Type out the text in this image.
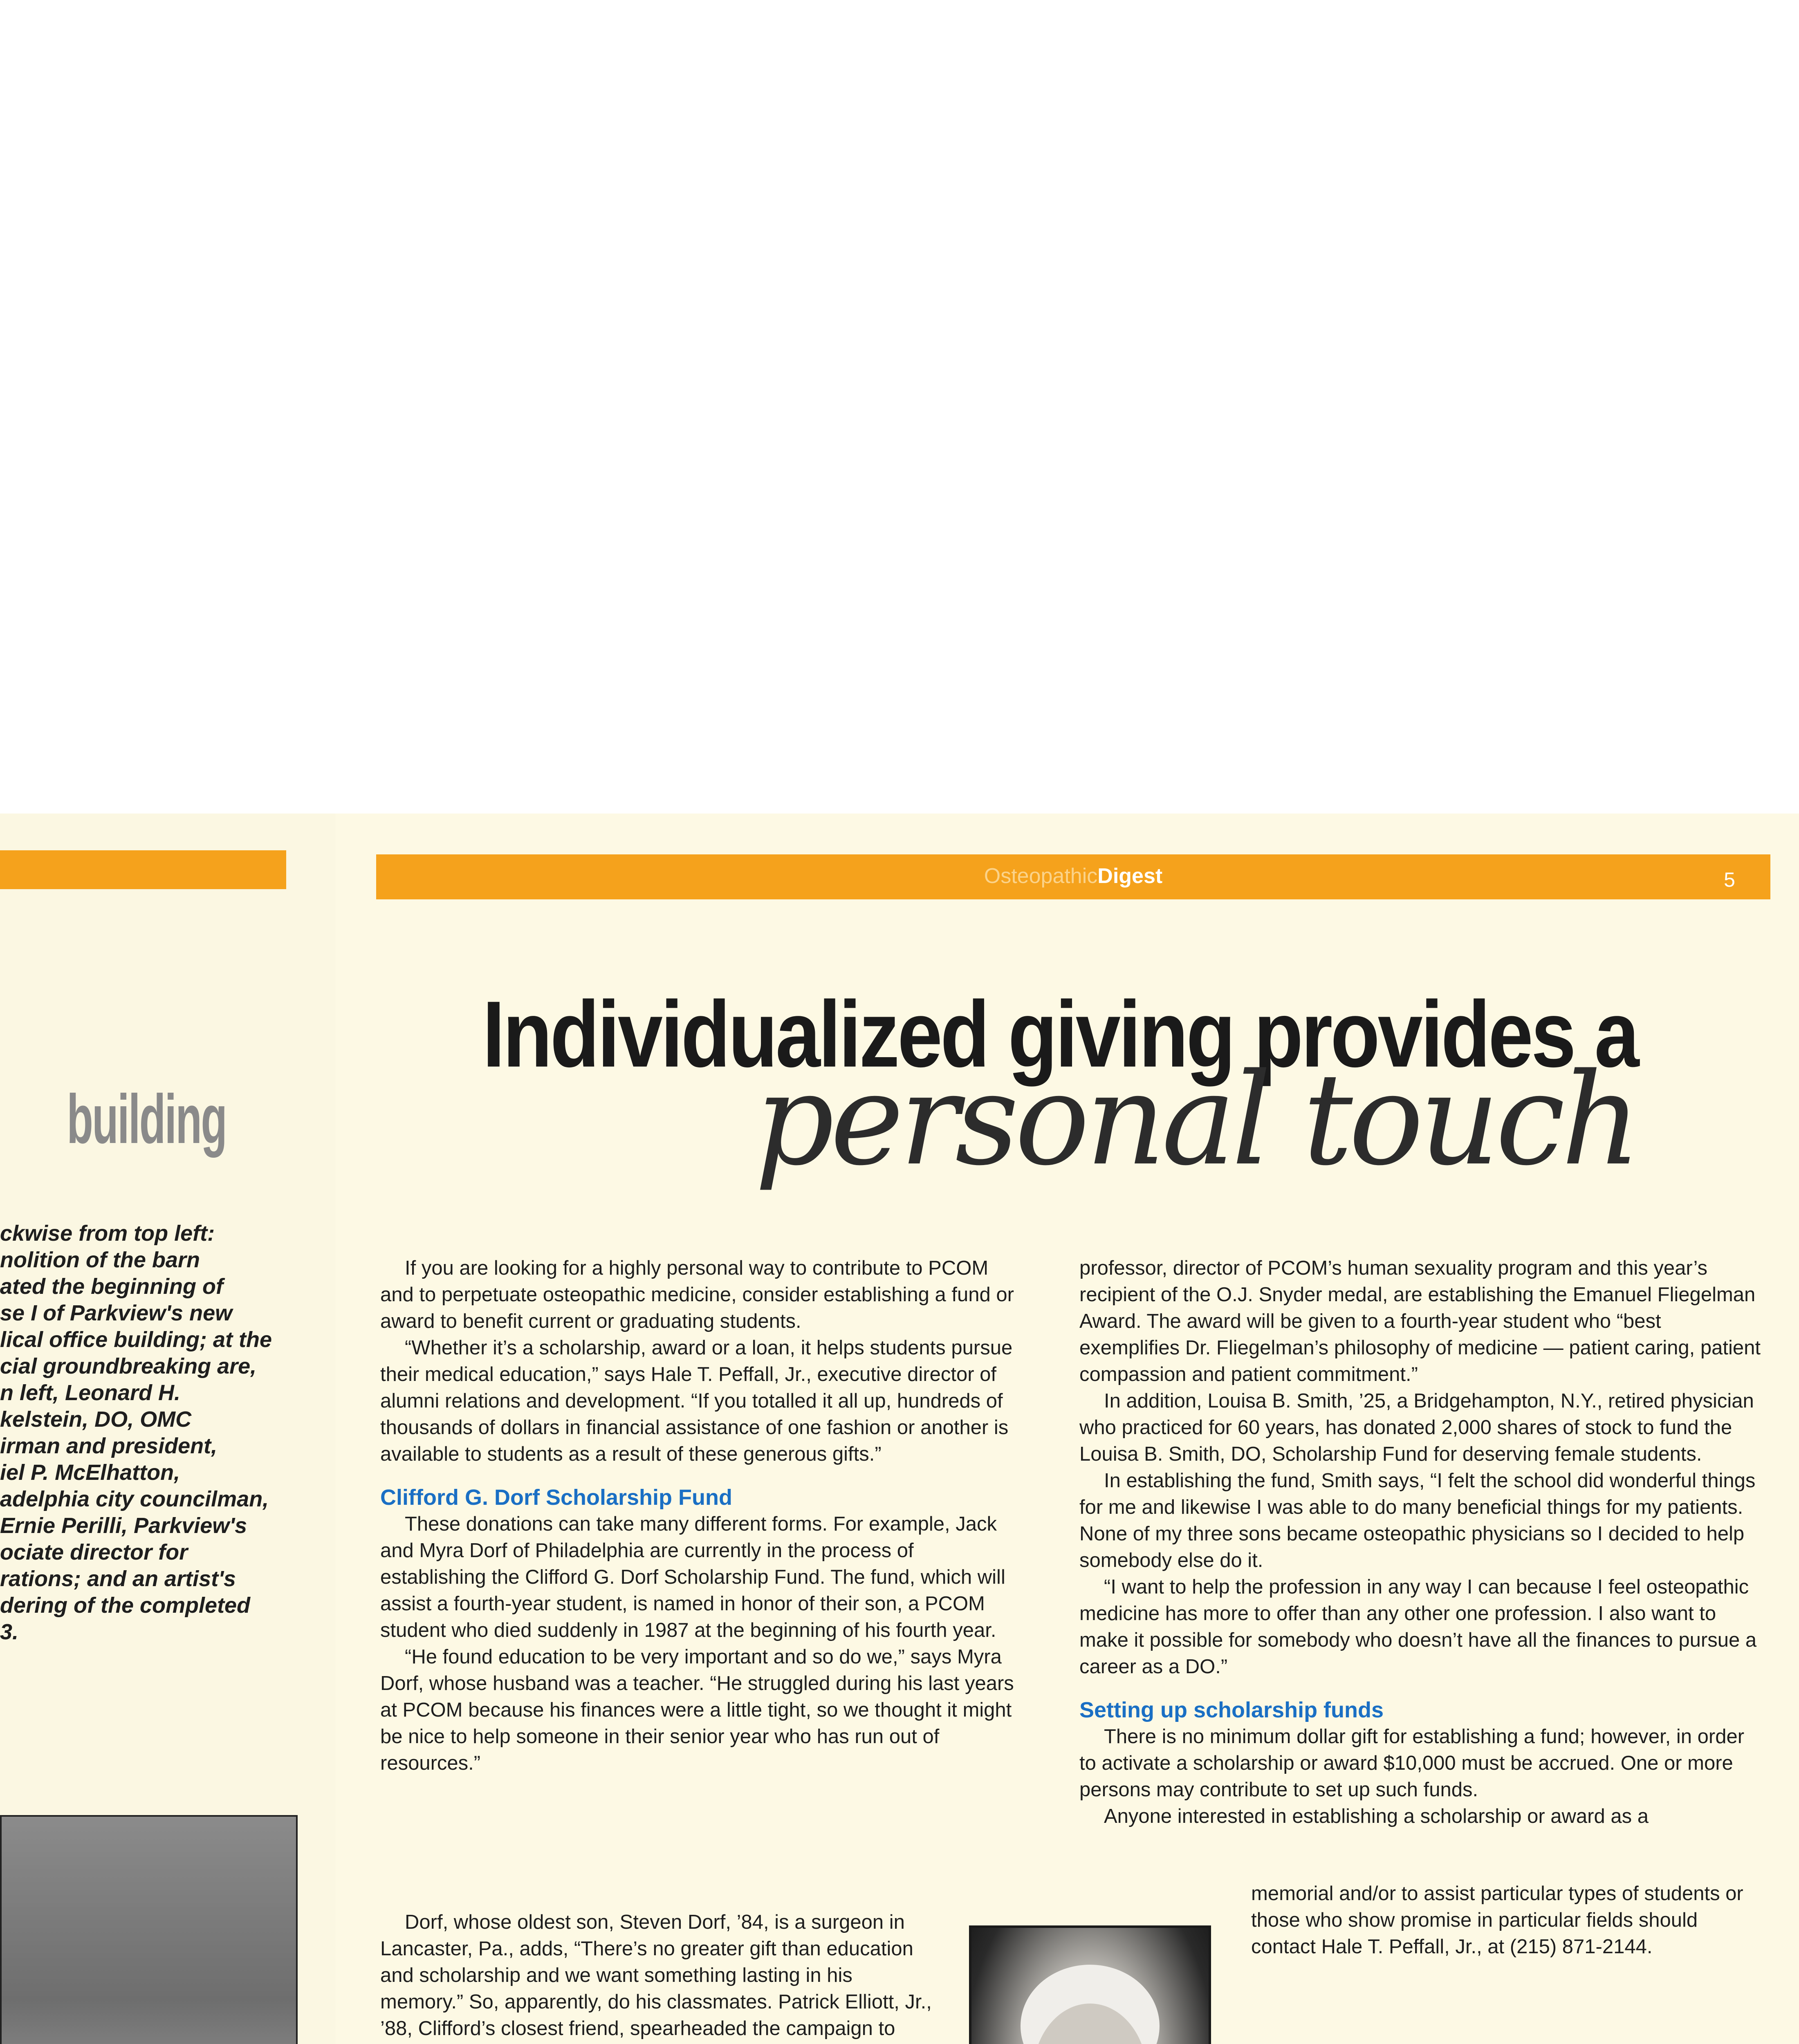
building

ckwise from top left:

nolition of the barn

ated the beginning of

se I of Parkview's new

lical office building; at the

cial groundbreaking are,

n left, Leonard H.

kelstein, DO, OMC

irman and president,

iel P. McElhatton,

adelphia city councilman,

Ernie Perilli, Parkview's

ociate director for

rations; and an artist's

dering of the completed

3.

OsteopathicDigest	5
Individualized giving provides a
personal touch

If you are looking for a highly personal way to contribute to PCOM and to perpetuate osteopathic medicine, consider establishing a fund or award to benefit current or graduating students.

“Whether it’s a scholarship, award or a loan, it helps students pursue their medical education,” says Hale T. Peffall, Jr., executive director of alumni relations and development. “If you totalled it all up, hundreds of thousands of dollars in financial assistance of one fashion or another is available to students as a result of these generous gifts.”

Clifford G. Dorf Scholarship Fund

These donations can take many different forms. For example, Jack and Myra Dorf of Philadelphia are currently in the process of establishing the Clifford G. Dorf Scholarship Fund. The fund, which will assist a fourth-year student, is named in honor of their son, a PCOM student who died suddenly in 1987 at the beginning of his fourth year.

“He found education to be very important and so do we,” says Myra Dorf, whose husband was a teacher. “He struggled during his last years at PCOM because his finances were a little tight, so we thought it might be nice to help someone in their senior year who has run out of resources.”

Dorf, whose oldest son, Steven Dorf, ’84, is a surgeon in Lancaster, Pa., adds, “There’s no greater gift than education and scholarship and we want something lasting in his memory.” So, apparently, do his classmates. Patrick Elliott, Jr., ’88, Clifford’s closest friend, spearheaded the campaign to

professor, director of PCOM’s human sexuality program and this year’s recipient of the O.J. Snyder medal, are establishing the Emanuel Fliegelman Award. The award will be given to a fourth-year student who “best exemplifies Dr. Fliegelman’s philosophy of medicine — patient caring, patient compassion and patient commitment.”

In addition, Louisa B. Smith, ’25, a Bridgehampton, N.Y., retired physician who practiced for 60 years, has donated 2,000 shares of stock to fund the Louisa B. Smith, DO, Scholarship Fund for deserving female students.

In establishing the fund, Smith says, “I felt the school did wonderful things for me and likewise I was able to do many beneficial things for my patients. None of my three sons became osteopathic physicians so I decided to help somebody else do it.

“I want to help the profession in any way I can because I feel osteopathic medicine has more to offer than any other one profession. I also want to make it possible for somebody who doesn’t have all the finances to pursue a career as a DO.”

Setting up scholarship funds

There is no minimum dollar gift for establishing a fund; however, in order to activate a scholarship or award $10,000 must be accrued. One or more persons may contribute to set up such funds.

Anyone interested in establishing a scholarship or award as a

memorial and/or to assist particular types of students or those who show promise in particular fields should contact Hale T. Peffall, Jr., at (215) 871-2144.
